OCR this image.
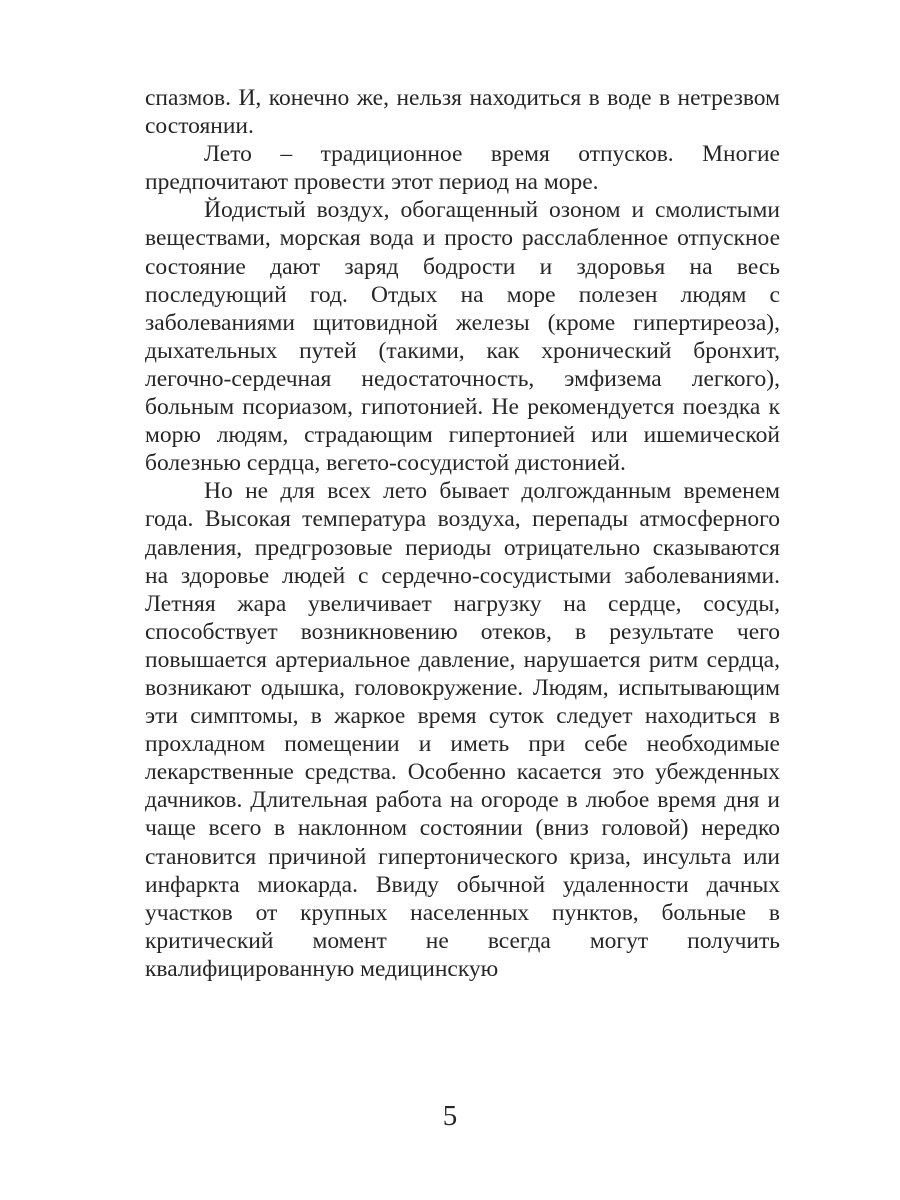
спазмов. И, конечно же, нельзя находиться в воде в нетрезвом состоянии.

Лето – традиционное время отпусков. Многие предпочитают провести этот период на море.

Йодистый воздух, обогащенный озоном и смолистыми веществами, морская вода и просто расслабленное отпускное состояние дают заряд бодрости и здоровья на весь последующий год. Отдых на море полезен людям с заболеваниями щитовидной железы (кроме гипертиреоза), дыхательных путей (такими, как хронический бронхит, легочно-сердечная недостаточность, эмфизема легкого), больным псориазом, гипотонией. Не рекомендуется поездка к морю людям, страдающим гипертонией или ишемической болезнью сердца, вегето-сосудистой дистонией.

Но не для всех лето бывает долгожданным временем года. Высокая температура воздуха, перепады атмосферного давления, предгрозовые периоды отрицательно сказываются на здоровье людей с сердечно-сосудистыми заболеваниями. Летняя жара увеличивает нагрузку на сердце, сосуды, способствует возникновению отеков, в результате чего повышается артериальное давление, нарушается ритм сердца, возникают одышка, головокружение. Людям, испытывающим эти симптомы, в жаркое время суток следует находиться в прохладном помещении и иметь при себе необходимые лекарственные средства. Особенно касается это убежденных дачников. Длительная работа на огороде в любое время дня и чаще всего в наклонном состоянии (вниз головой) нередко становится причиной гипертонического криза, инсульта или инфаркта миокарда. Ввиду обычной удаленности дачных участков от крупных населенных пунктов, больные в критический момент не всегда могут получить квалифицированную медицинскую

5
